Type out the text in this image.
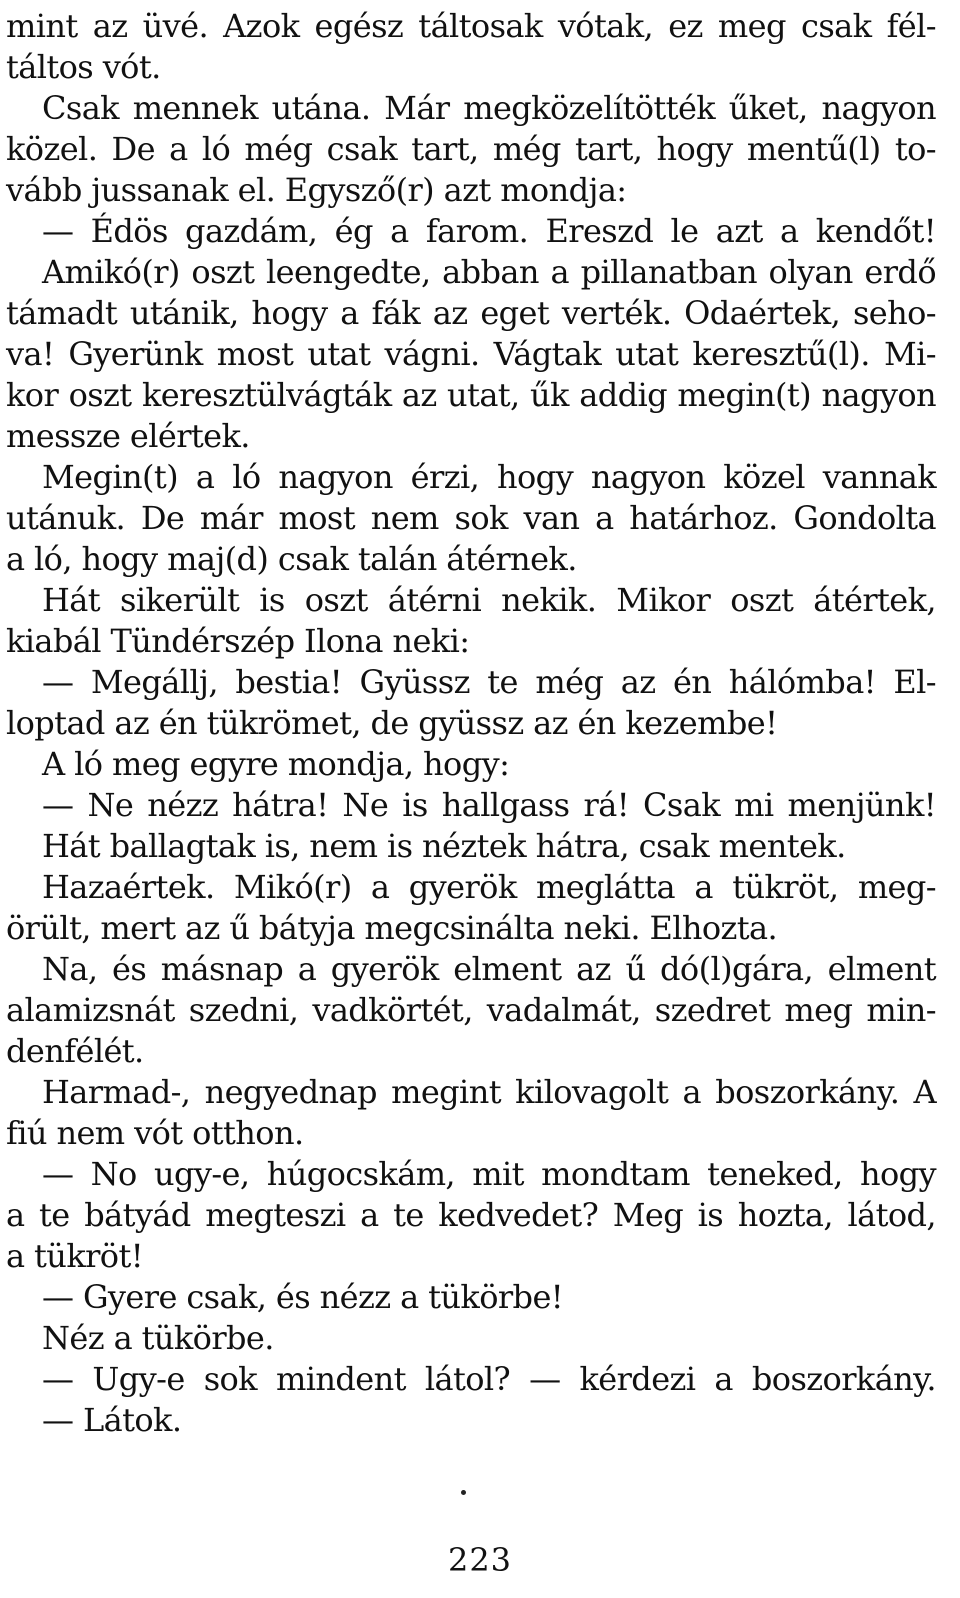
mint az üvé. Azok egész táltosak vótak, ez meg csak fél-
táltos vót.
Csak mennek utána. Már megközelítötték űket, nagyon
közel. De a ló még csak tart, még tart, hogy mentű(l) to-
vább jussanak el. Egysző(r) azt mondja:
— Édös gazdám, ég a farom. Ereszd le azt a kendőt!
Amikó(r) oszt leengedte, abban a pillanatban olyan erdő
támadt utánik, hogy a fák az eget verték. Odaértek, seho-
va! Gyerünk most utat vágni. Vágtak utat keresztű(l). Mi-
kor oszt keresztülvágták az utat, űk addig megin(t) nagyon
messze elértek.
Megin(t) a ló nagyon érzi, hogy nagyon közel vannak
utánuk. De már most nem sok van a határhoz. Gondolta
a ló, hogy maj(d) csak talán átérnek.
Hát sikerült is oszt átérni nekik. Mikor oszt átértek,
kiabál Tündérszép Ilona neki:
— Megállj, bestia! Gyüssz te még az én hálómba! El-
loptad az én tükrömet, de gyüssz az én kezembe!
A ló meg egyre mondja, hogy:
— Ne nézz hátra! Ne is hallgass rá! Csak mi menjünk!
Hát ballagtak is, nem is néztek hátra, csak mentek.
Hazaértek. Mikó(r) a gyerök meglátta a tükröt, meg-
örült, mert az ű bátyja megcsinálta neki. Elhozta.
Na, és másnap a gyerök elment az ű dó(l)gára, elment
alamizsnát szedni, vadkörtét, vadalmát, szedret meg min-
denfélét.
Harmad-, negyednap megint kilovagolt a boszorkány. A
fiú nem vót otthon.
— No ugy-e, húgocskám, mit mondtam teneked, hogy
a te bátyád megteszi a te kedvedet? Meg is hozta, látod,
a tükröt!
— Gyere csak, és nézz a tükörbe!
Néz a tükörbe.
— Ugy-e sok mindent látol? — kérdezi a boszorkány.
— Látok.
223
